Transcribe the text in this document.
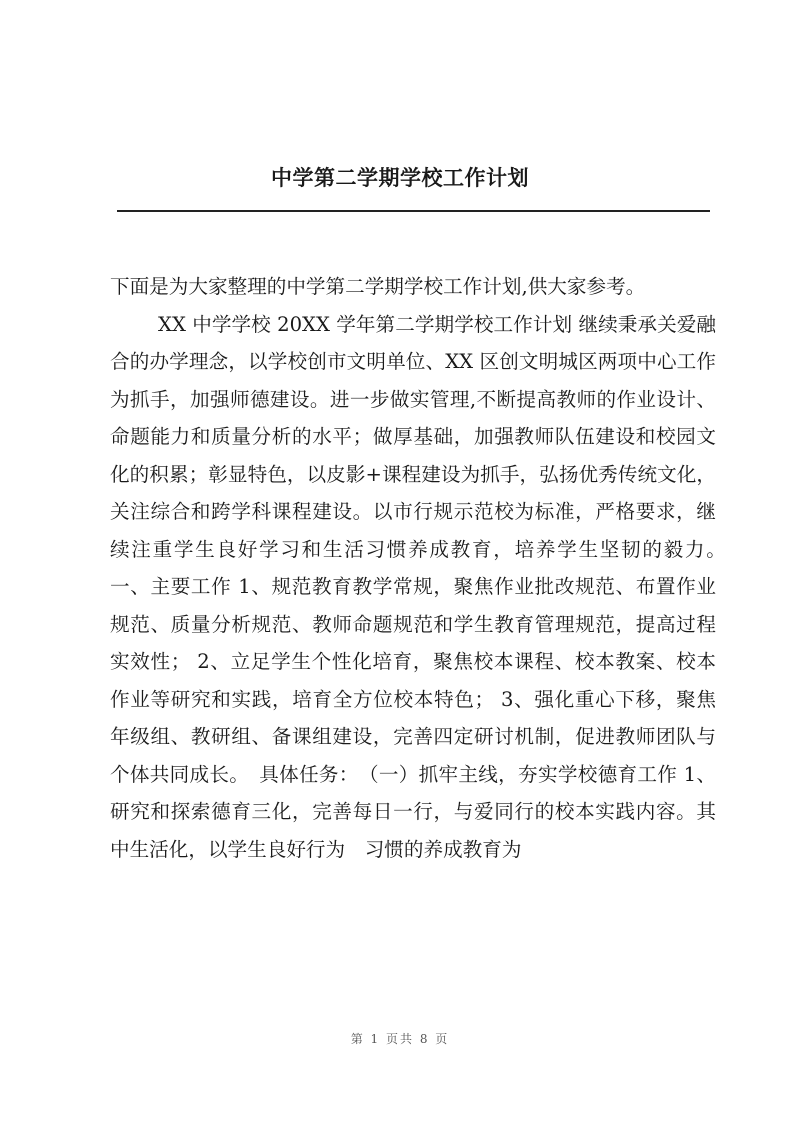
中学第二学期学校工作计划

下面是为大家整理的中学第二学期学校工作计划,供大家参考。

XX 中学学校 20XX 学年第二学期学校工作计划 继续秉承关爱融合的办学理念，以学校创市文明单位、XX 区创文明城区两项中心工作为抓手，加强师德建设。进一步做实管理,不断提高教师的作业设计、命题能力和质量分析的水平；做厚基础，加强教师队伍建设和校园文化的积累；彰显特色，以皮影+课程建设为抓手，弘扬优秀传统文化，关注综合和跨学科课程建设。以市行规示范校为标准，严格要求，继续注重学生良好学习和生活习惯养成教育，培养学生坚韧的毅力。　一、主要工作 1、规范教育教学常规，聚焦作业批改规范、布置作业规范、质量分析规范、教师命题规范和学生教育管理规范，提高过程实效性； 2、立足学生个性化培育，聚焦校本课程、校本教案、校本作业等研究和实践，培育全方位校本特色； 3、强化重心下移，聚焦年级组、教研组、备课组建设，完善四定研讨机制，促进教师团队与个体共同成长。　具体任务：　（一）抓牢主线，夯实学校德育工作 1、研究和探索德育三化，完善每日一行，与爱同行的校本实践内容。其中生活化，以学生良好行为　习惯的养成教育为

第 1 页共 8 页
